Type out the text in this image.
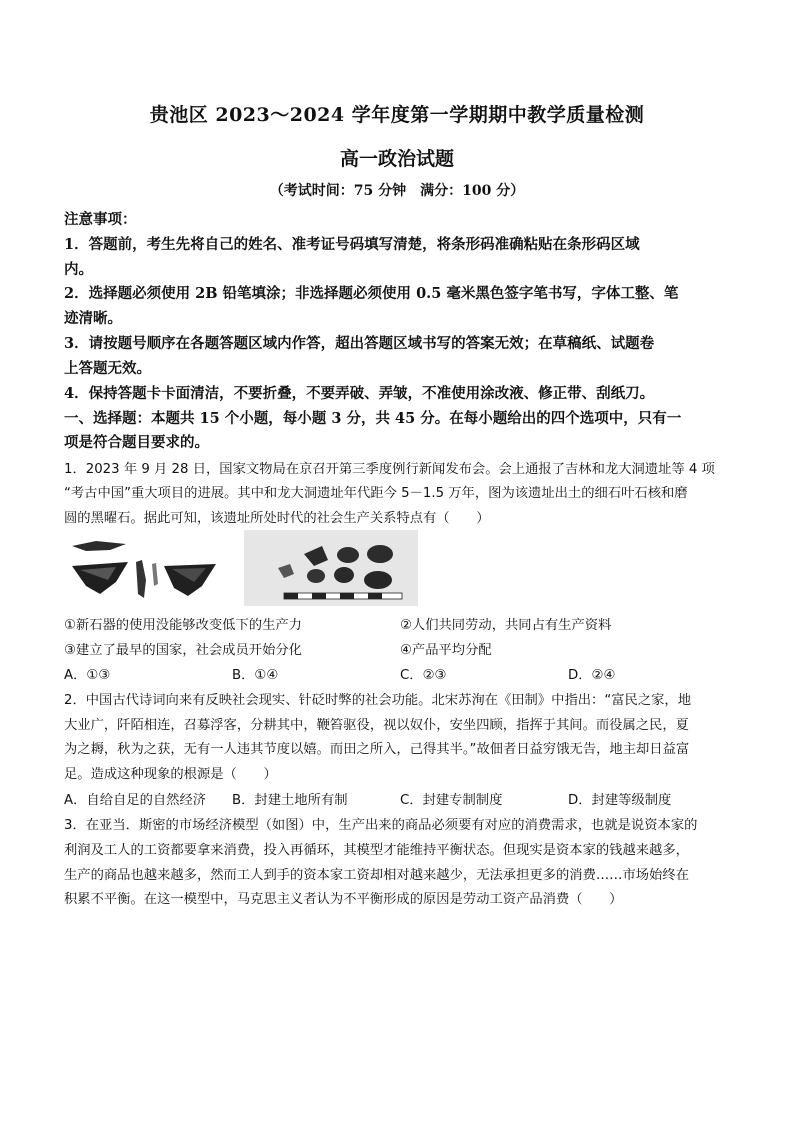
贵池区 2023～2024 学年度第一学期期中教学质量检测
高一政治试题
（考试时间：75 分钟　满分：100 分）
注意事项：
1．答题前，考生先将自己的姓名、准考证号码填写清楚，将条形码准确粘贴在条形码区域
内。
2．选择题必须使用 2B 铅笔填涂；非选择题必须使用 0.5 毫米黑色签字笔书写，字体工整、笔
迹清晰。
3．请按题号顺序在各题答题区域内作答，超出答题区域书写的答案无效；在草稿纸、试题卷
上答题无效。
4．保持答题卡卡面清洁，不要折叠，不要弄破、弄皱，不准使用涂改液、修正带、刮纸刀。
一、选择题：本题共 15 个小题，每小题 3 分，共 45 分。在每小题给出的四个选项中，只有一
项是符合题目要求的。
1．2023 年 9 月 28 日，国家文物局在京召开第三季度例行新闻发布会。会上通报了吉林和龙大洞遗址等 4 项
“考古中国”重大项目的进展。其中和龙大洞遗址年代距今 5－1.5 万年，图为该遗址出土的细石叶石核和磨
圆的黑曜石。据此可知，该遗址所处时代的社会生产关系特点有（　　）
①新石器的使用没能够改变低下的生产力	②人们共同劳动，共同占有生产资料
③建立了最早的国家，社会成员开始分化	④产品平均分配
A．①③	B．①④	C．②③	D．②④
2．中国古代诗词向来有反映社会现实、针砭时弊的社会功能。北宋苏洵在《田制》中指出：“富民之家，地
大业广，阡陌相连，召募浮客，分耕其中，鞭笞驱役，视以奴仆，安坐四顾，指挥于其间。而役属之民，夏
为之耨，秋为之获，无有一人违其节度以嬉。而田之所入，己得其半。”故佃者日益穷饿无告，地主却日益富
足。造成这种现象的根源是（　　）
A．自给自足的自然经济 B．封建土地所有制	C．封建专制制度	D．封建等级制度
3．在亚当．斯密的市场经济模型（如图）中，生产出来的商品必须要有对应的消费需求，也就是说资本家的
利润及工人的工资都要拿来消费，投入再循环，其模型才能维持平衡状态。但现实是资本家的钱越来越多，
生产的商品也越来越多，然而工人到手的资本家工资却相对越来越少，无法承担更多的消费……市场始终在
积累不平衡。在这一模型中，马克思主义者认为不平衡形成的原因是劳动工资产品消费（　　）
